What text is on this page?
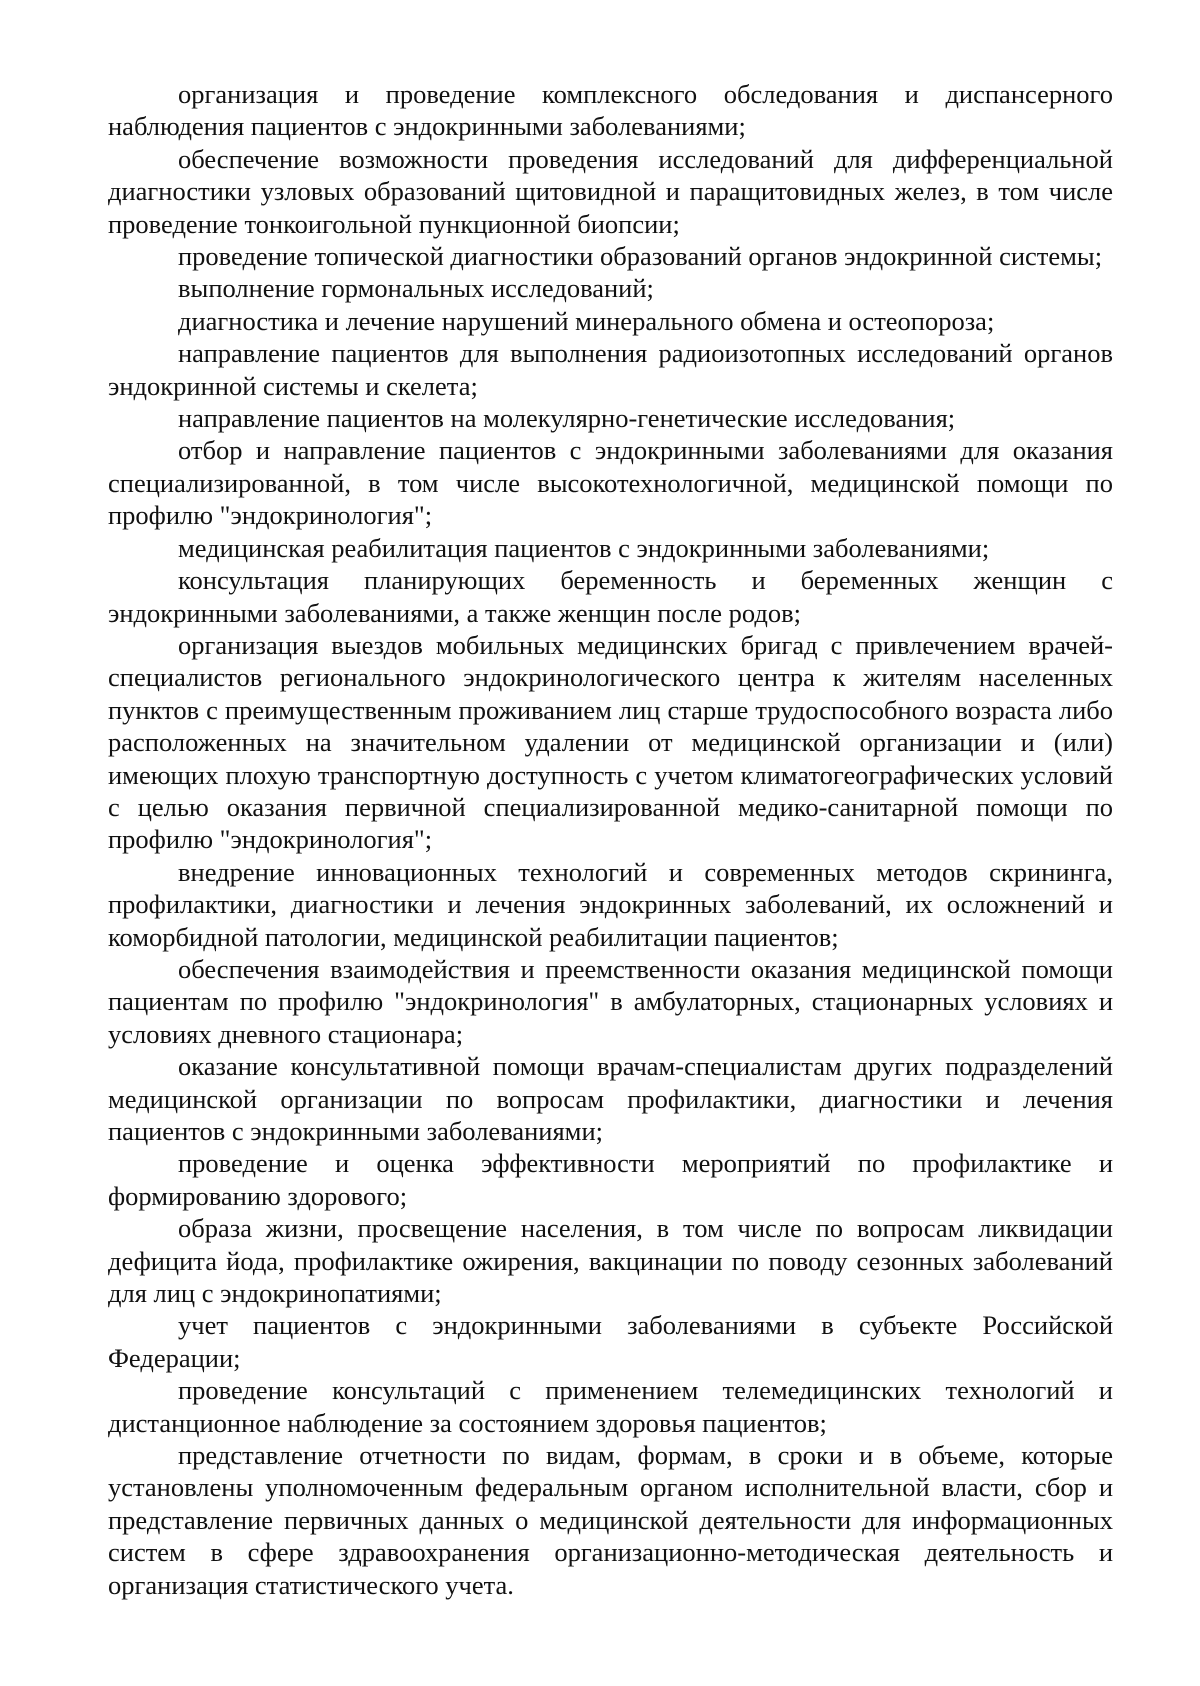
организация и проведение комплексного обследования и диспансерного наблюдения пациентов с эндокринными заболеваниями;

обеспечение возможности проведения исследований для дифференциальной диагностики узловых образований щитовидной и паращитовидных желез, в том числе проведение тонкоигольной пункционной биопсии;

проведение топической диагностики образований органов эндокринной системы;

выполнение гормональных исследований;

диагностика и лечение нарушений минерального обмена и остеопороза;

направление пациентов для выполнения радиоизотопных исследований органов эндокринной системы и скелета;

направление пациентов на молекулярно-генетические исследования;

отбор и направление пациентов с эндокринными заболеваниями для оказания специализированной, в том числе высокотехнологичной, медицинской помощи по профилю "эндокринология";

медицинская реабилитация пациентов с эндокринными заболеваниями;

консультация планирующих беременность и беременных женщин с эндокринными заболеваниями, а также женщин после родов;

организация выездов мобильных медицинских бригад с привлечением врачей-специалистов регионального эндокринологического центра к жителям населенных пунктов с преимущественным проживанием лиц старше трудоспособного возраста либо расположенных на значительном удалении от медицинской организации и (или) имеющих плохую транспортную доступность с учетом климатогеографических условий с целью оказания первичной специализированной медико-санитарной помощи по профилю "эндокринология";

внедрение инновационных технологий и современных методов скрининга, профилактики, диагностики и лечения эндокринных заболеваний, их осложнений и коморбидной патологии, медицинской реабилитации пациентов;

обеспечения взаимодействия и преемственности оказания медицинской помощи пациентам по профилю "эндокринология" в амбулаторных, стационарных условиях и условиях дневного стационара;

оказание консультативной помощи врачам-специалистам других подразделений медицинской организации по вопросам профилактики, диагностики и лечения пациентов с эндокринными заболеваниями;

проведение и оценка эффективности мероприятий по профилактике и формированию здорового;

образа жизни, просвещение населения, в том числе по вопросам ликвидации дефицита йода, профилактике ожирения, вакцинации по поводу сезонных заболеваний для лиц с эндокринопатиями;

учет пациентов с эндокринными заболеваниями в субъекте Российской Федерации;

проведение консультаций с применением телемедицинских технологий и дистанционное наблюдение за состоянием здоровья пациентов;

представление отчетности по видам, формам, в сроки и в объеме, которые установлены уполномоченным федеральным органом исполнительной власти, сбор и представление первичных данных о медицинской деятельности для информационных систем в сфере здравоохранения организационно-методическая деятельность и организация статистического учета.
